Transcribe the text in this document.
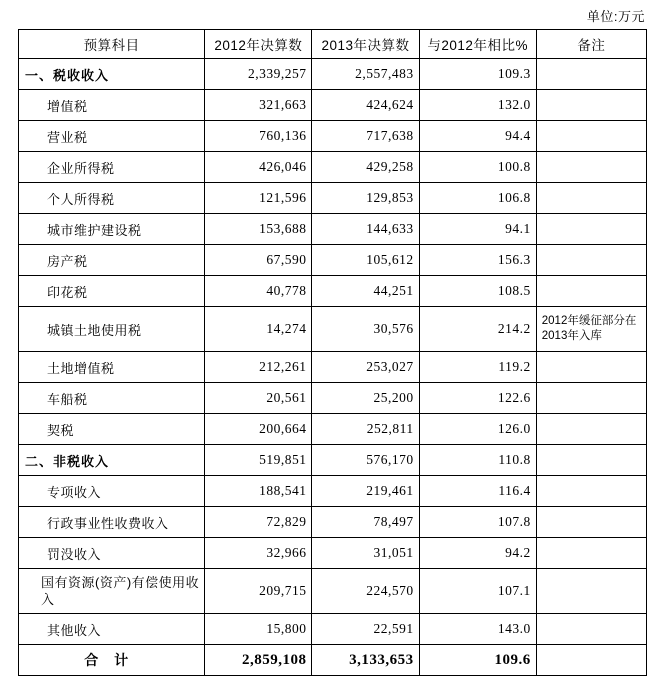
单位:万元
预算科目	2012年决算数	2013年决算数	与2012年相比%	备注
一、税收收入	2,339,257	2,557,483	109.3	
增值税	321,663	424,624	132.0	
营业税	760,136	717,638	94.4	
企业所得税	426,046	429,258	100.8	
个人所得税	121,596	129,853	106.8	
城市维护建设税	153,688	144,633	94.1	
房产税	67,590	105,612	156.3	
印花税	40,778	44,251	108.5	
城镇土地使用税	14,274	30,576	214.2	2012年缓征部分在2013年入库
土地增值税	212,261	253,027	119.2	
车船税	20,561	25,200	122.6	
契税	200,664	252,811	126.0	
二、非税收入	519,851	576,170	110.8	
专项收入	188,541	219,461	116.4	
行政事业性收费收入	72,829	78,497	107.8	
罚没收入	32,966	31,051	94.2	
国有资源(资产)有偿使用收入	209,715	224,570	107.1	
其他收入	15,800	22,591	143.0	
合 计	2,859,108	3,133,653	109.6	
